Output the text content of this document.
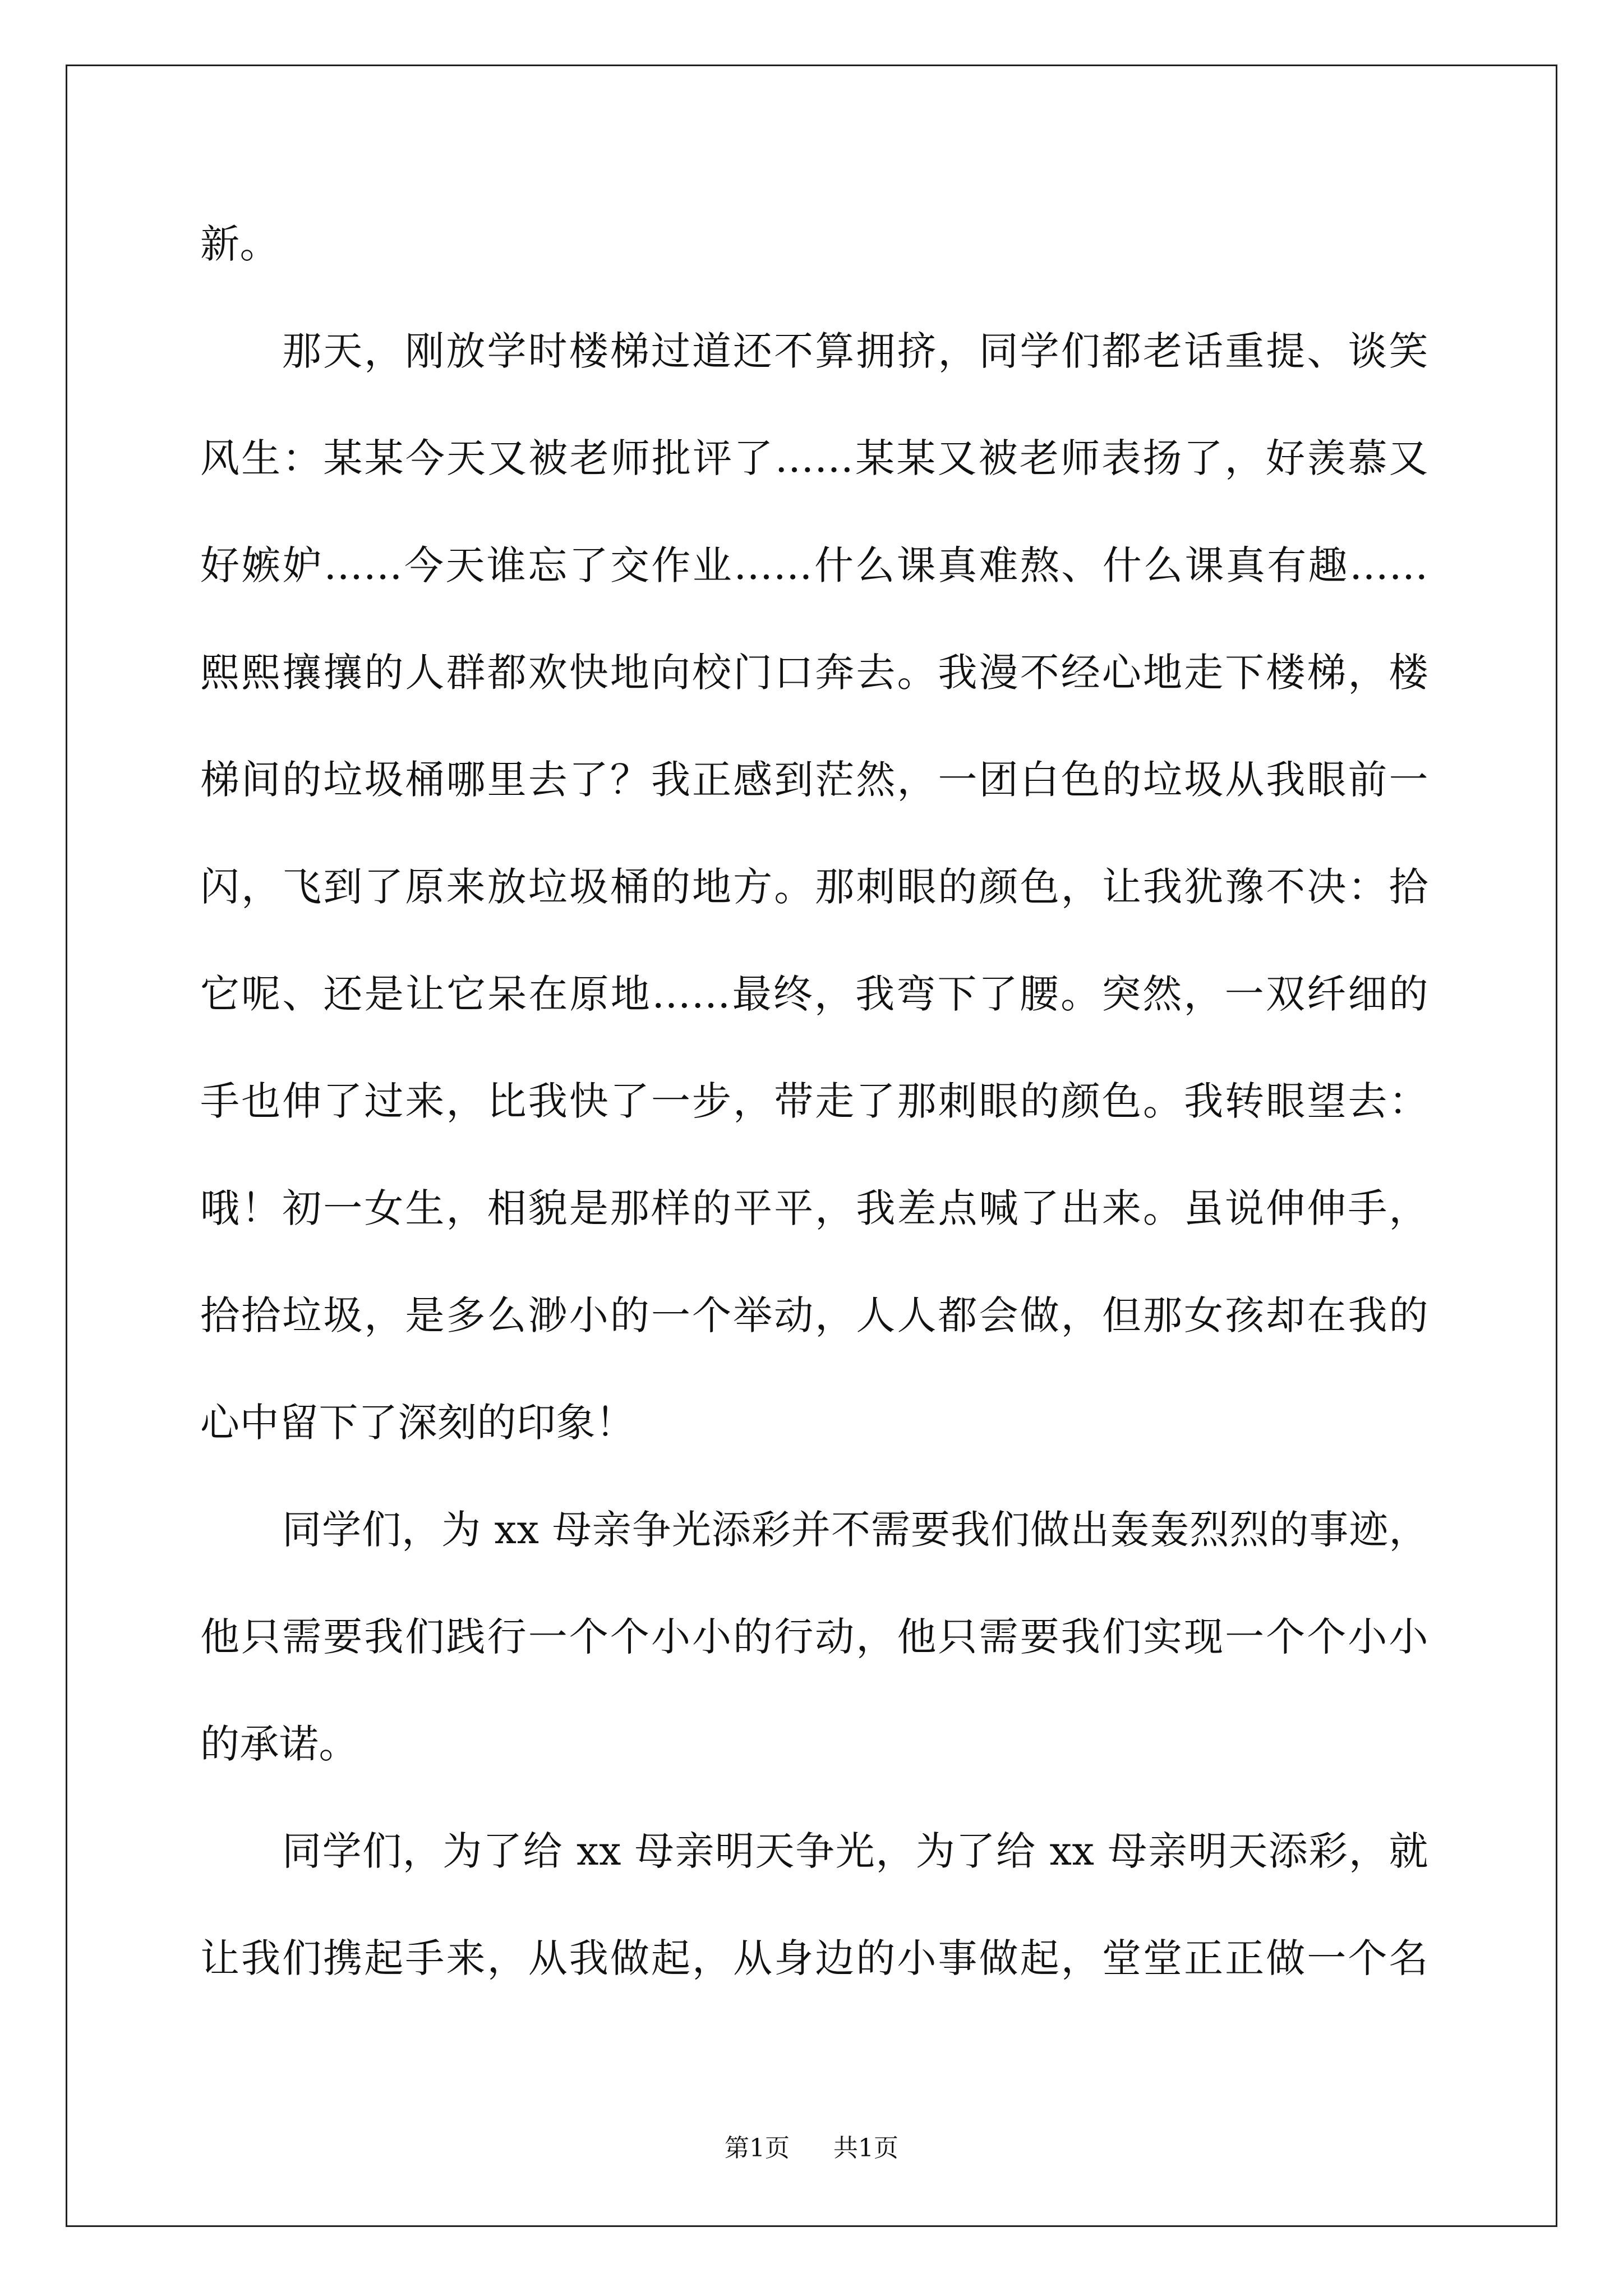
新。
那天，刚放学时楼梯过道还不算拥挤，同学们都老话重提、谈笑
风生：某某今天又被老师批评了……某某又被老师表扬了，好羡慕又
好嫉妒……今天谁忘了交作业……什么课真难熬、什么课真有趣……
熙熙攘攘的人群都欢快地向校门口奔去。我漫不经心地走下楼梯，楼
梯间的垃圾桶哪里去了？我正感到茫然，一团白色的垃圾从我眼前一
闪，飞到了原来放垃圾桶的地方。那刺眼的颜色，让我犹豫不决：拾
它呢、还是让它呆在原地……最终，我弯下了腰。突然，一双纤细的
手也伸了过来，比我快了一步，带走了那刺眼的颜色。我转眼望去：
哦！初一女生，相貌是那样的平平，我差点喊了出来。虽说伸伸手，
拾拾垃圾，是多么渺小的一个举动，人人都会做，但那女孩却在我的
心中留下了深刻的印象！
同学们，为 xx 母亲争光添彩并不需要我们做出轰轰烈烈的事迹，
他只需要我们践行一个个小小的行动，他只需要我们实现一个个小小
的承诺。
同学们，为了给 xx 母亲明天争光，为了给 xx 母亲明天添彩，就
让我们携起手来，从我做起，从身边的小事做起，堂堂正正做一个名
第1页 共1页
